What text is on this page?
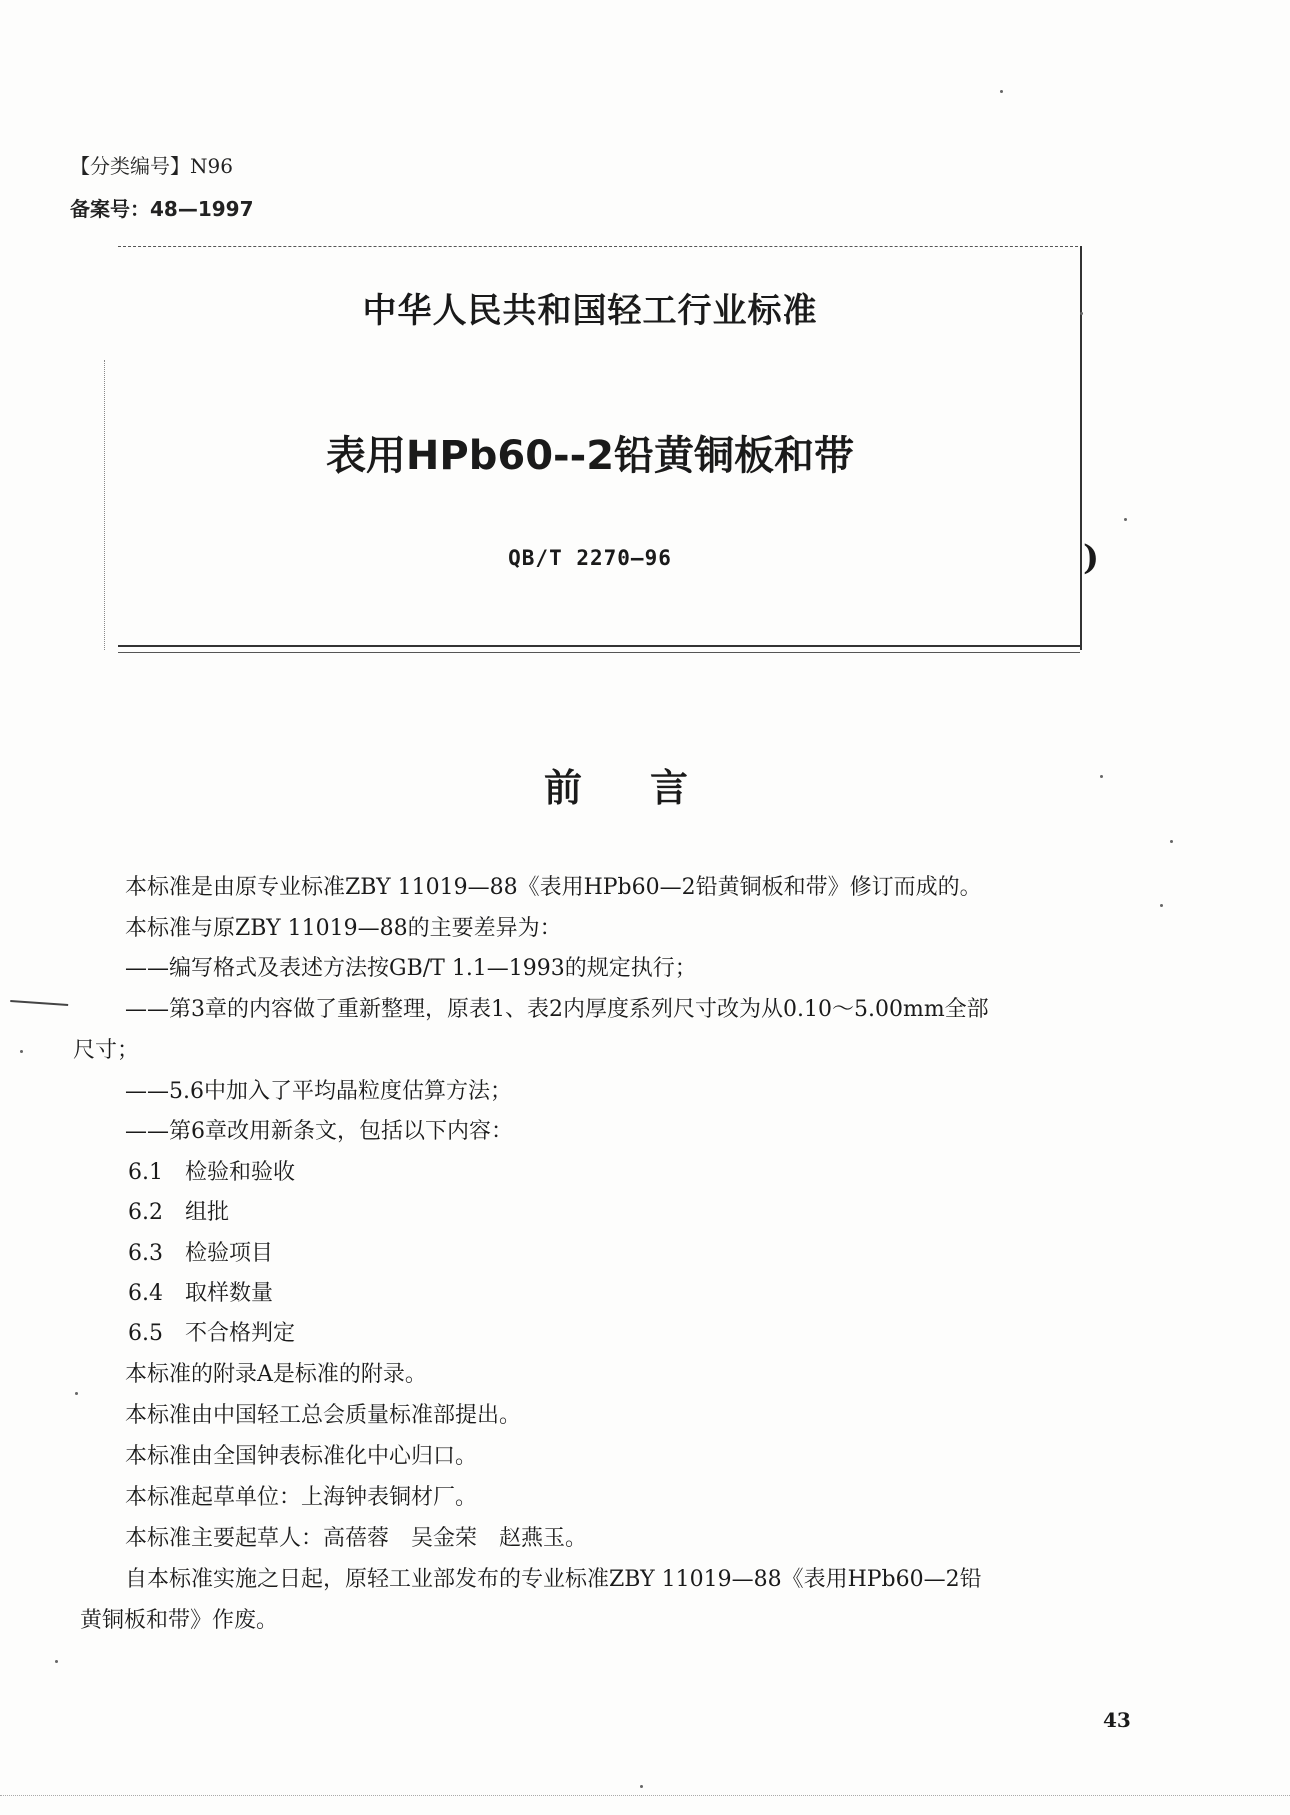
【分类编号】N96
备案号：48—1997
中华人民共和国轻工行业标准
表用HPb60--2铅黄铜板和带
QB/T 2270—96	)
前言
本标准是由原专业标准ZBY 11019—88《表用HPb60—2铅黄铜板和带》修订而成的。
本标准与原ZBY 11019—88的主要差异为：
——编写格式及表述方法按GB/T 1.1—1993的规定执行；
——第3章的内容做了重新整理，原表1、表2内厚度系列尺寸改为从0.10～5.00mm全部
尺寸；
——5.6中加入了平均晶粒度估算方法；
——第6章改用新条文，包括以下内容：
6.1　检验和验收
6.2　组批
6.3　检验项目
6.4　取样数量
6.5　不合格判定
本标准的附录A是标准的附录。
本标准由中国轻工总会质量标准部提出。
本标准由全国钟表标准化中心归口。
本标准起草单位：上海钟表铜材厂。
本标准主要起草人：高蓓蓉　吴金荣　赵燕玉。
自本标准实施之日起，原轻工业部发布的专业标准ZBY 11019—88《表用HPb60—2铅
黄铜板和带》作废。
43
